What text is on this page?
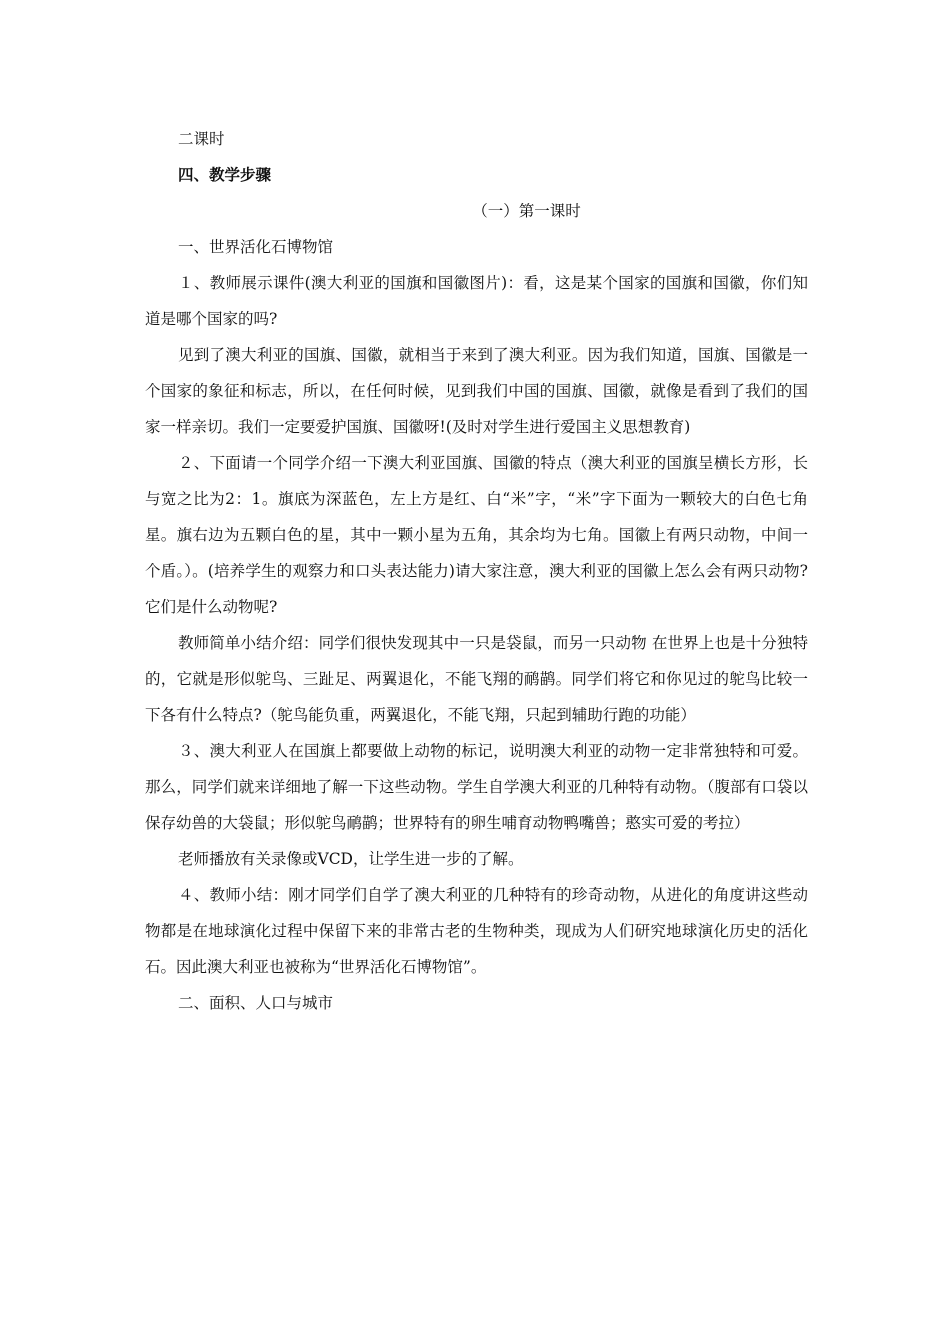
二课时

四、教学步骤

（一）第一课时

一、世界活化石博物馆

１、教师展示课件(澳大利亚的国旗和国徽图片)：看，这是某个国家的国旗和国徽，你们知道是哪个国家的吗?

见到了澳大利亚的国旗、国徽，就相当于来到了澳大利亚。因为我们知道，国旗、国徽是一个国家的象征和标志，所以，在任何时候，见到我们中国的国旗、国徽，就像是看到了我们的国家一样亲切。我们一定要爱护国旗、国徽呀!(及时对学生进行爱国主义思想教育)

２、下面请一个同学介绍一下澳大利亚国旗、国徽的特点（澳大利亚的国旗呈横长方形，长与宽之比为2：1。旗底为深蓝色，左上方是红、白“米”字，“米”字下面为一颗较大的白色七角星。旗右边为五颗白色的星，其中一颗小星为五角，其余均为七角。国徽上有两只动物，中间一个盾。）。(培养学生的观察力和口头表达能力)请大家注意，澳大利亚的国徽上怎么会有两只动物?它们是什么动物呢?

教师简单小结介绍：同学们很快发现其中一只是袋鼠，而另一只动物 在世界上也是十分独特的，它就是形似鸵鸟、三趾足、两翼退化，不能飞翔的鸸鹋。同学们将它和你见过的鸵鸟比较一下各有什么特点?（鸵鸟能负重，两翼退化，不能飞翔，只起到辅助行跑的功能）

３、澳大利亚人在国旗上都要做上动物的标记，说明澳大利亚的动物一定非常独特和可爱。那么，同学们就来详细地了解一下这些动物。学生自学澳大利亚的几种特有动物。（腹部有口袋以保存幼兽的大袋鼠；形似鸵鸟鸸鹋；世界特有的卵生哺育动物鸭嘴兽；憨实可爱的考拉）

老师播放有关录像或VCD，让学生进一步的了解。

４、教师小结：刚才同学们自学了澳大利亚的几种特有的珍奇动物，从进化的角度讲这些动物都是在地球演化过程中保留下来的非常古老的生物种类，现成为人们研究地球演化历史的活化石。因此澳大利亚也被称为“世界活化石博物馆”。

二、面积、人口与城市
